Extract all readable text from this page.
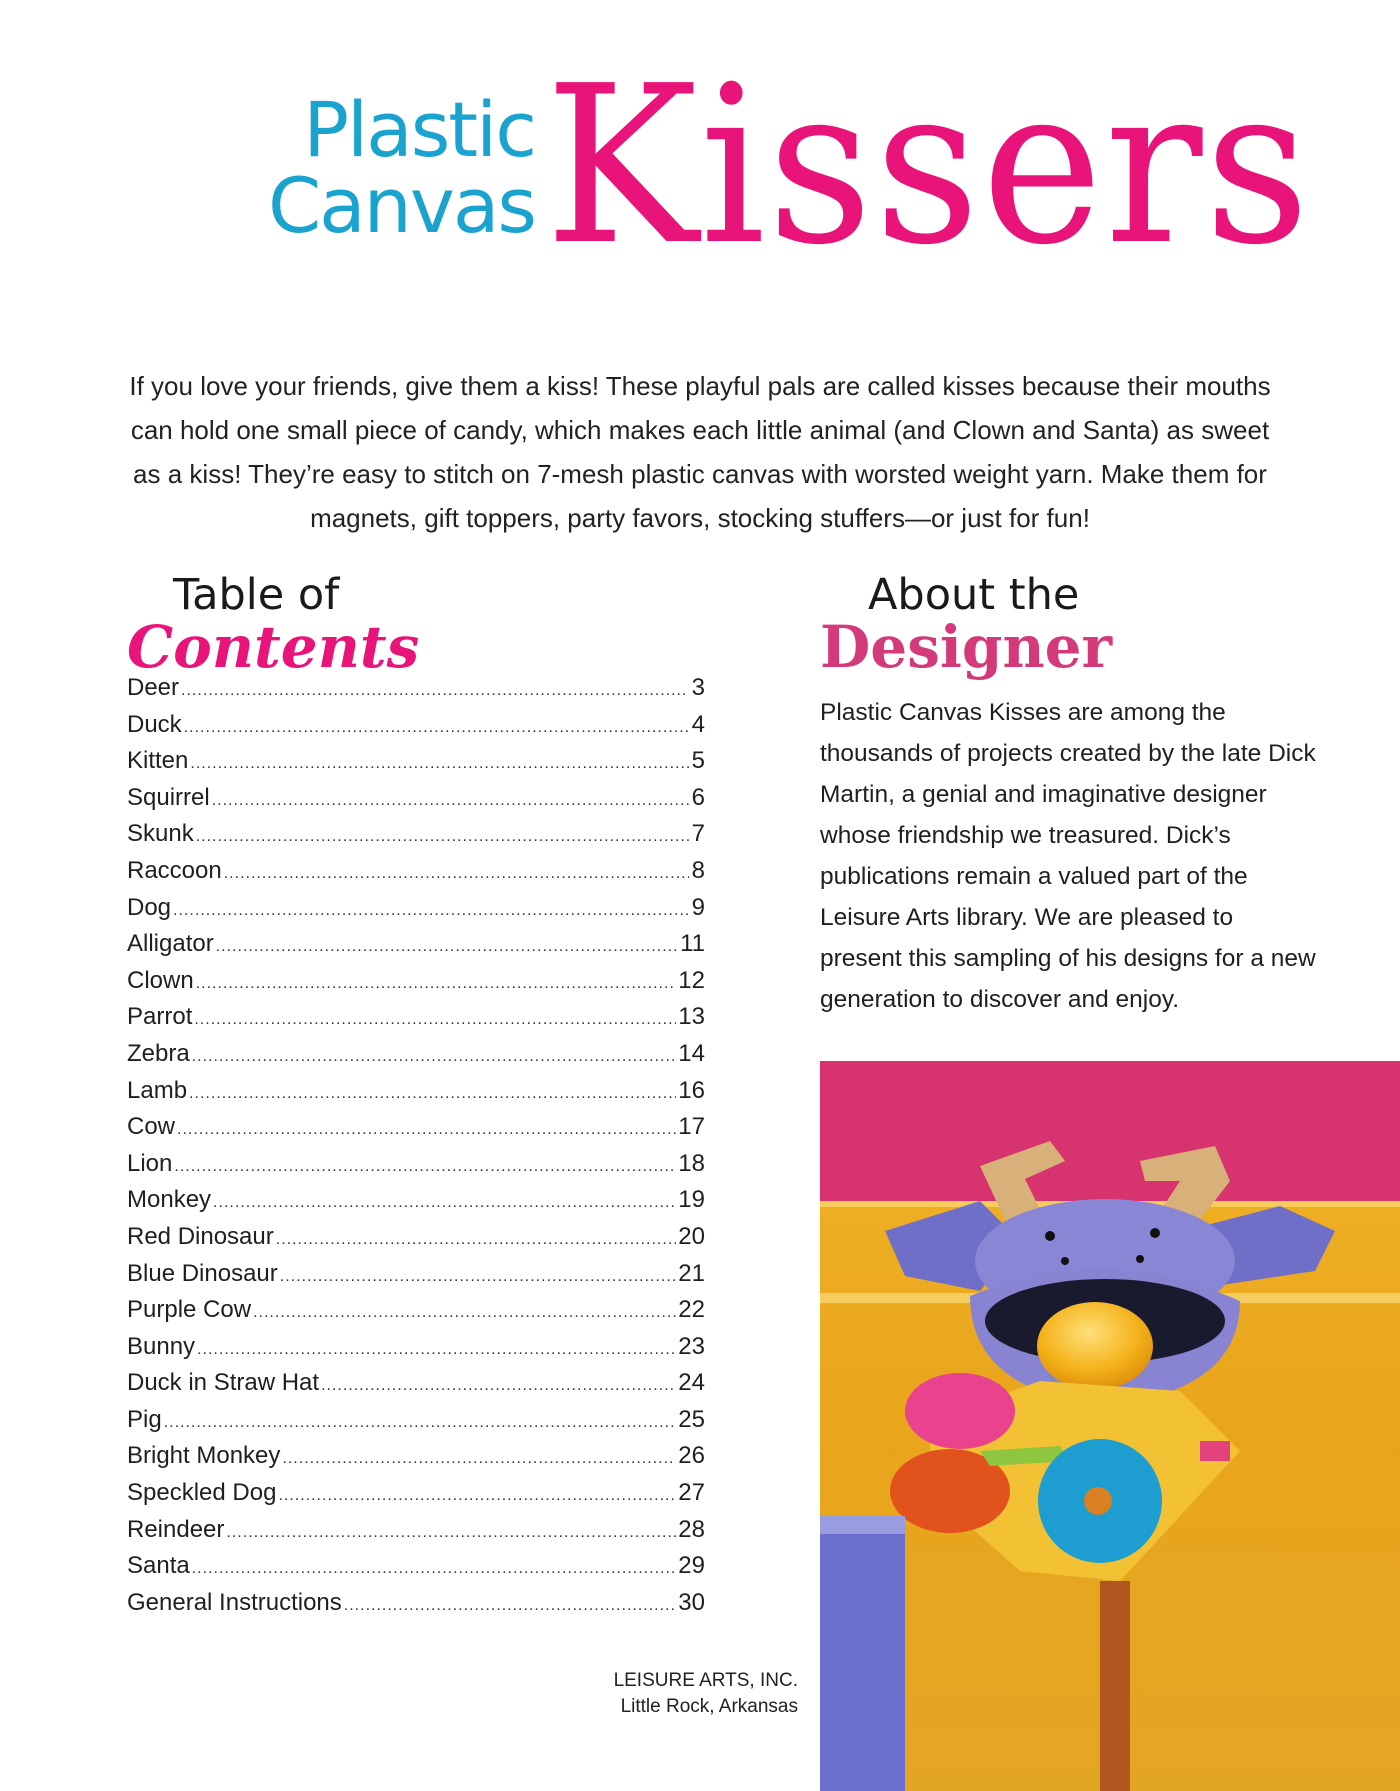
Plastic
Canvas Kissers

If you love your friends, give them a kiss! These playful pals are called kisses because their mouths can hold one small piece of candy, which makes each little animal (and Clown and Santa) as sweet as a kiss! They’re easy to stitch on 7-mesh plastic canvas with worsted weight yarn. Make them for magnets, gift toppers, party favors, stocking stuffers—or just for fun!

Table of
Contents
Deer .....	3
Duck .....	4
Kitten .....	5
Squirrel .....	6
Skunk .....	7
Raccoon .....	8
Dog .....	9
Alligator .....	11
Clown .....	12
Parrot .....	13
Zebra .....	14
Lamb .....	16
Cow .....	17
Lion .....	18
Monkey .....	19
Red Dinosaur .....	20
Blue Dinosaur .....	21
Purple Cow .....	22
Bunny .....	23
Duck in Straw Hat .....	24
Pig .....	25
Bright Monkey .....	26
Speckled Dog .....	27
Reindeer .....	28
Santa .....	29
General Instructions .....	30
About the
Designer

Plastic Canvas Kisses are among the thousands of projects created by the late Dick Martin, a genial and imaginative designer whose friendship we treasured. Dick’s publications remain a valued part of the Leisure Arts library. We are pleased to present this sampling of his designs for a new generation to discover and enjoy.

LEISURE ARTS, INC.
Little Rock, Arkansas
